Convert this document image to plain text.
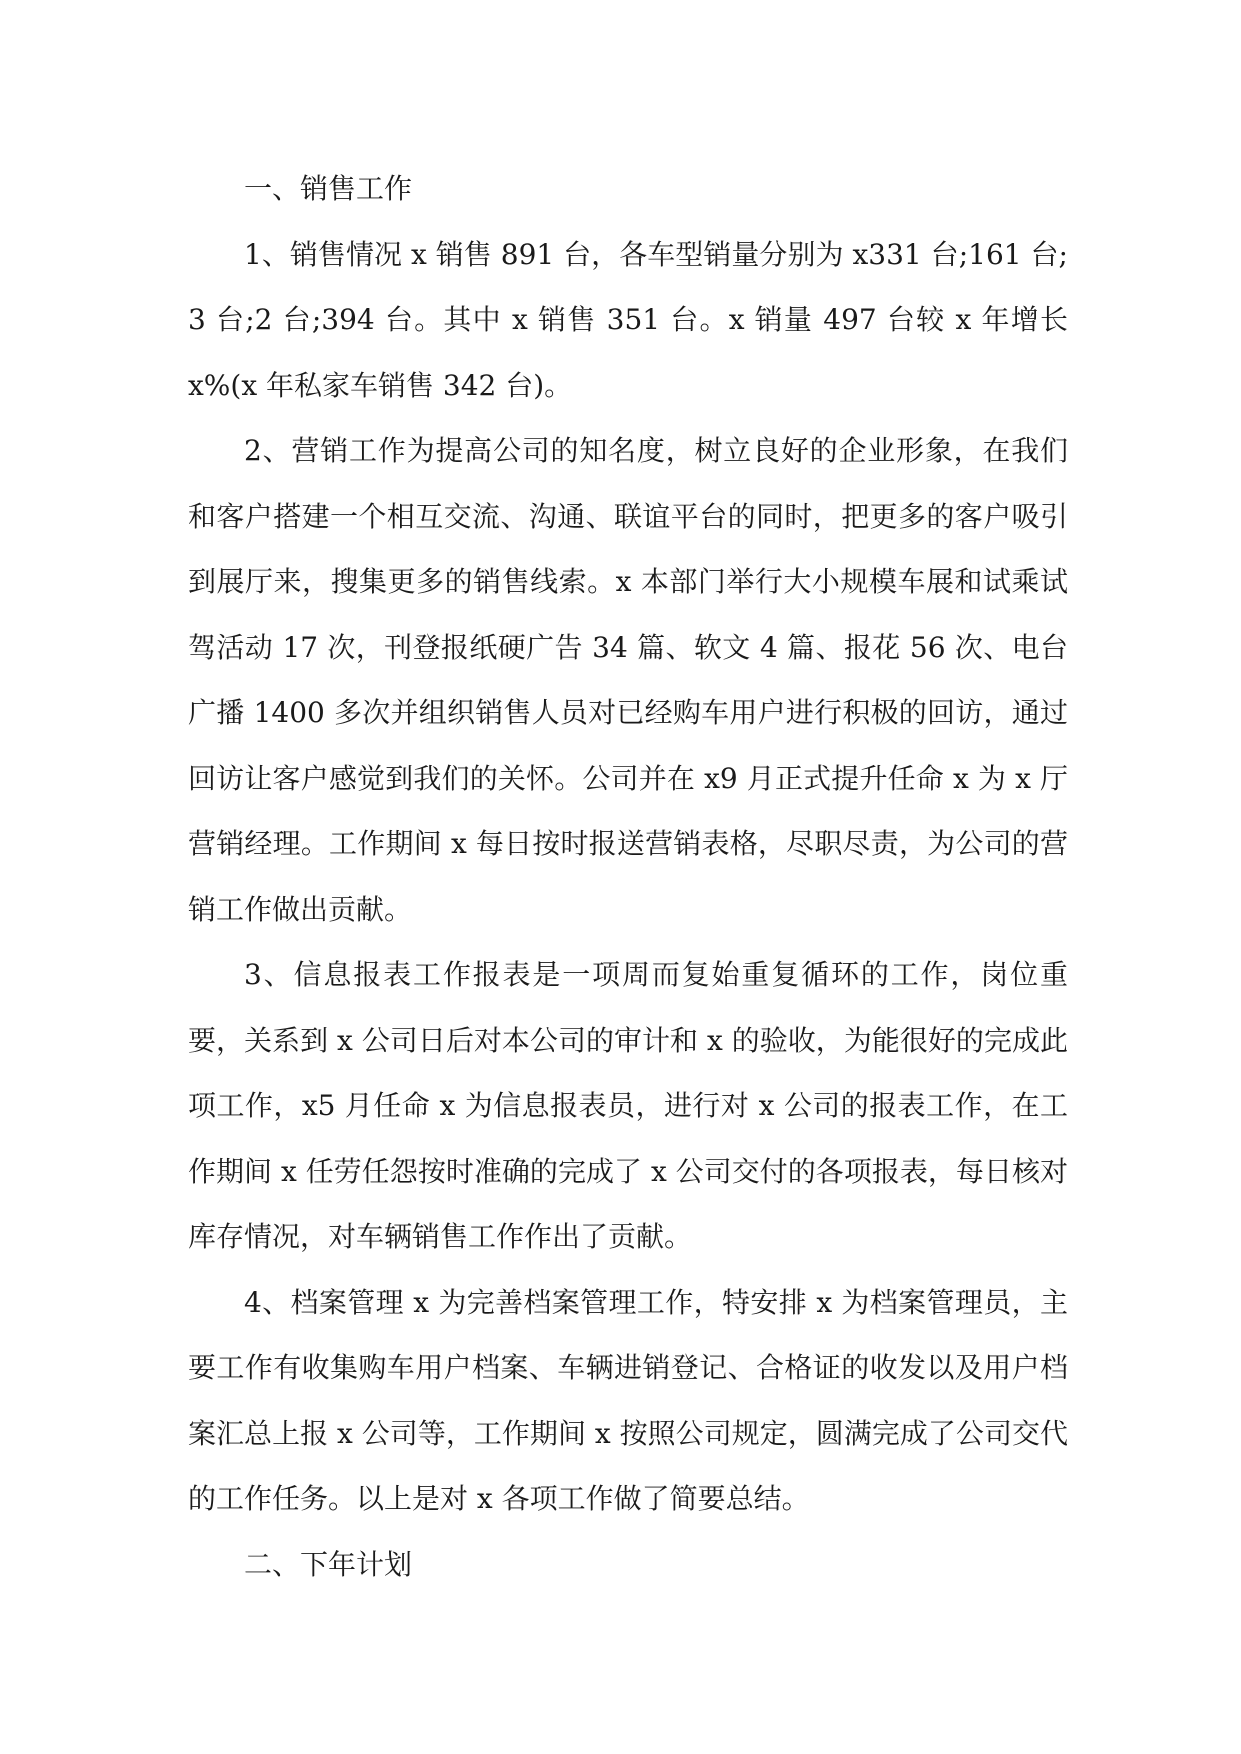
一、销售工作

1、销售情况 x 销售 891 台，各车型销量分别为 x331 台;161 台;3 台;2 台;394 台。其中 x 销售 351 台。x 销量 497 台较 x 年增长 x%(x 年私家车销售 342 台)。

2、营销工作为提高公司的知名度，树立良好的企业形象，在我们和客户搭建一个相互交流、沟通、联谊平台的同时，把更多的客户吸引到展厅来，搜集更多的销售线索。x 本部门举行大小规模车展和试乘试驾活动 17 次，刊登报纸硬广告 34 篇、软文 4 篇、报花 56 次、电台广播 1400 多次并组织销售人员对已经购车用户进行积极的回访，通过回访让客户感觉到我们的关怀。公司并在 x9 月正式提升任命 x 为 x 厅营销经理。工作期间 x 每日按时报送营销表格，尽职尽责，为公司的营销工作做出贡献。

3、信息报表工作报表是一项周而复始重复循环的工作，岗位重要，关系到 x 公司日后对本公司的审计和 x 的验收，为能很好的完成此项工作，x5 月任命 x 为信息报表员，进行对 x 公司的报表工作，在工作期间 x 任劳任怨按时准确的完成了 x 公司交付的各项报表，每日核对库存情况，对车辆销售工作作出了贡献。

4、档案管理 x 为完善档案管理工作，特安排 x 为档案管理员，主要工作有收集购车用户档案、车辆进销登记、合格证的收发以及用户档案汇总上报 x 公司等，工作期间 x 按照公司规定，圆满完成了公司交代的工作任务。以上是对 x 各项工作做了简要总结。

二、下年计划
